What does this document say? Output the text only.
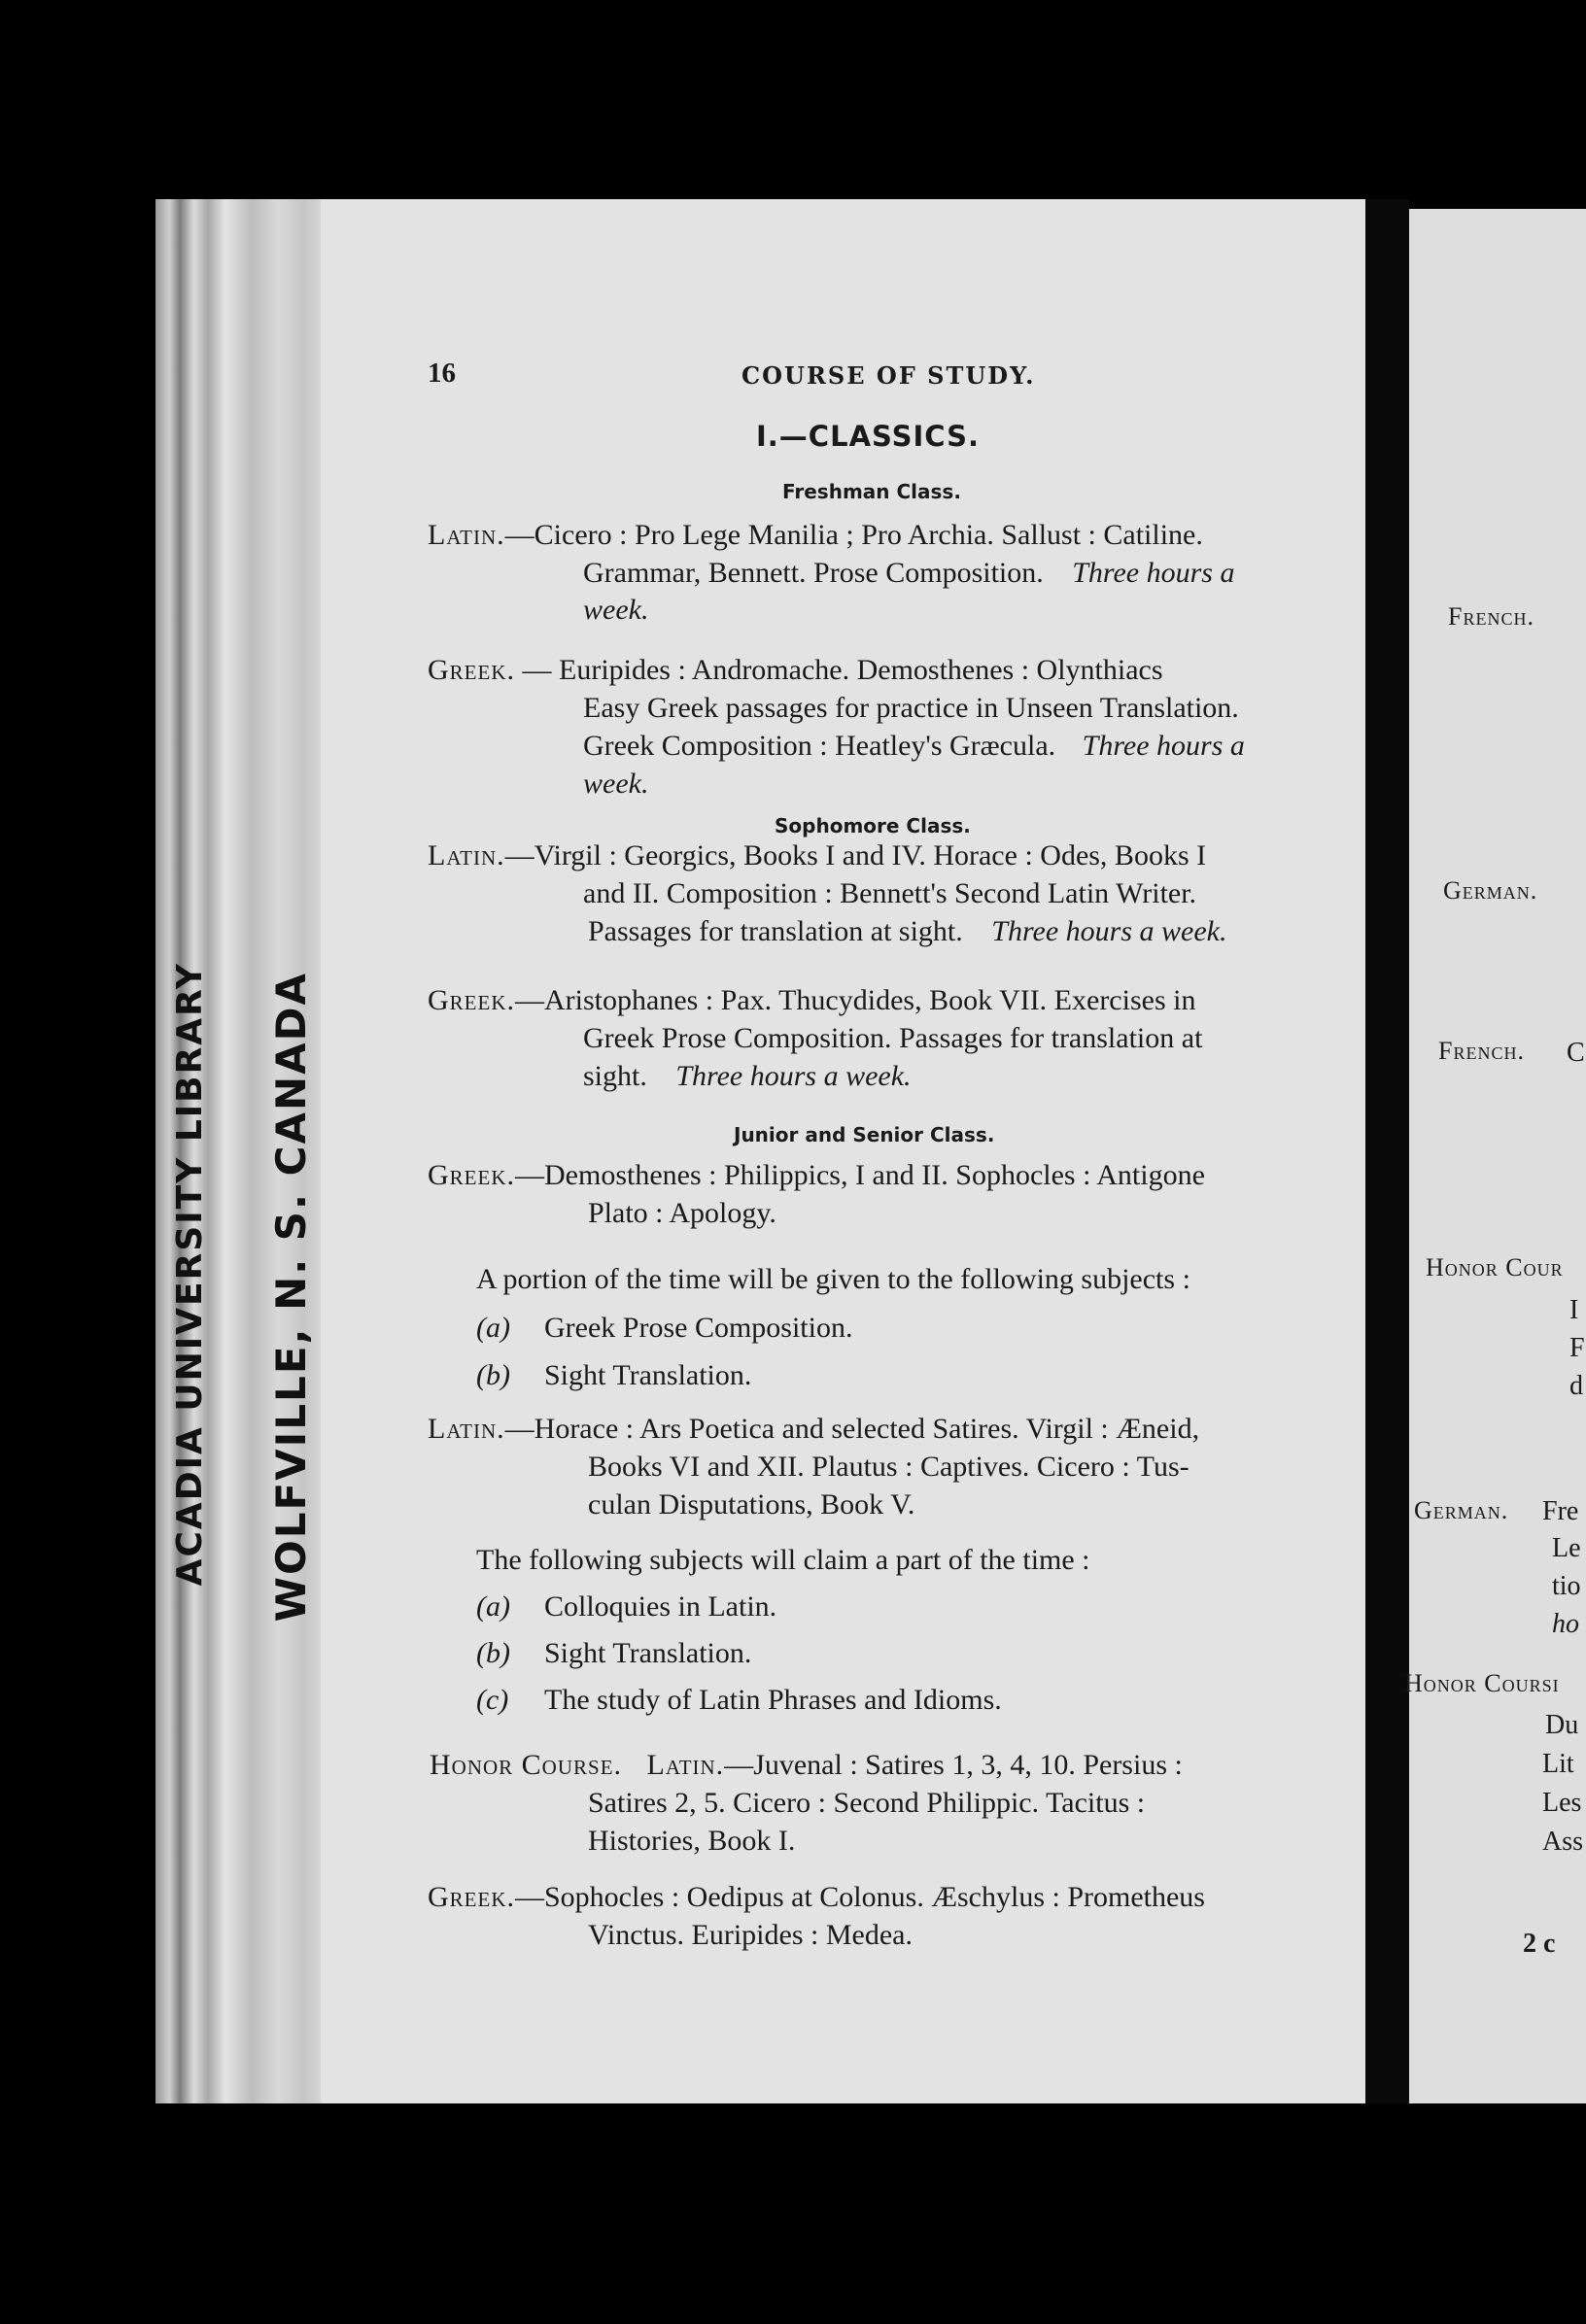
ACADIA UNIVERSITY LIBRARY WOLFVILLE, N. S. CANADA
16	COURSE OF STUDY.
I.—CLASSICS.
Freshman Class.
Latin.—Cicero : Pro Lege Manilia ; Pro Archia. Sallust : Catiline.
Grammar, Bennett. Prose Composition. Three hours a
week.
Greek. — Euripides : Andromache. Demosthenes : Olynthiacs
Easy Greek passages for practice in Unseen Translation.
Greek Composition : Heatley's Græcula. Three hours a
week.
Sophomore Class.
Latin.—Virgil : Georgics, Books I and IV. Horace : Odes, Books I
and II. Composition : Bennett's Second Latin Writer.
Passages for translation at sight. Three hours a week.
Greek.—Aristophanes : Pax. Thucydides, Book VII. Exercises in
Greek Prose Composition. Passages for translation at
sight. Three hours a week.
Junior and Senior Class.
Greek.—Demosthenes : Philippics, I and II. Sophocles : Antigone
Plato : Apology.
A portion of the time will be given to the following subjects :
(a) Greek Prose Composition.
(b) Sight Translation.
Latin.—Horace : Ars Poetica and selected Satires. Virgil : Æneid,
Books VI and XII. Plautus : Captives. Cicero : Tus-
culan Disputations, Book V.
The following subjects will claim a part of the time :
(a) Colloquies in Latin.
(b) Sight Translation.
(c) The study of Latin Phrases and Idioms.
Honor Course. Latin.—Juvenal : Satires 1, 3, 4, 10. Persius :
Satires 2, 5. Cicero : Second Philippic. Tacitus :
Histories, Book I.
Greek.—Sophocles : Oedipus at Colonus. Æschylus : Prometheus
Vinctus. Euripides : Medea.
French.
German.
French. C
Honor Cour
I
F
d
German. Fre
Le
tio
ho
Honor Coursi
Du
Lit
Les
Ass
2 c
